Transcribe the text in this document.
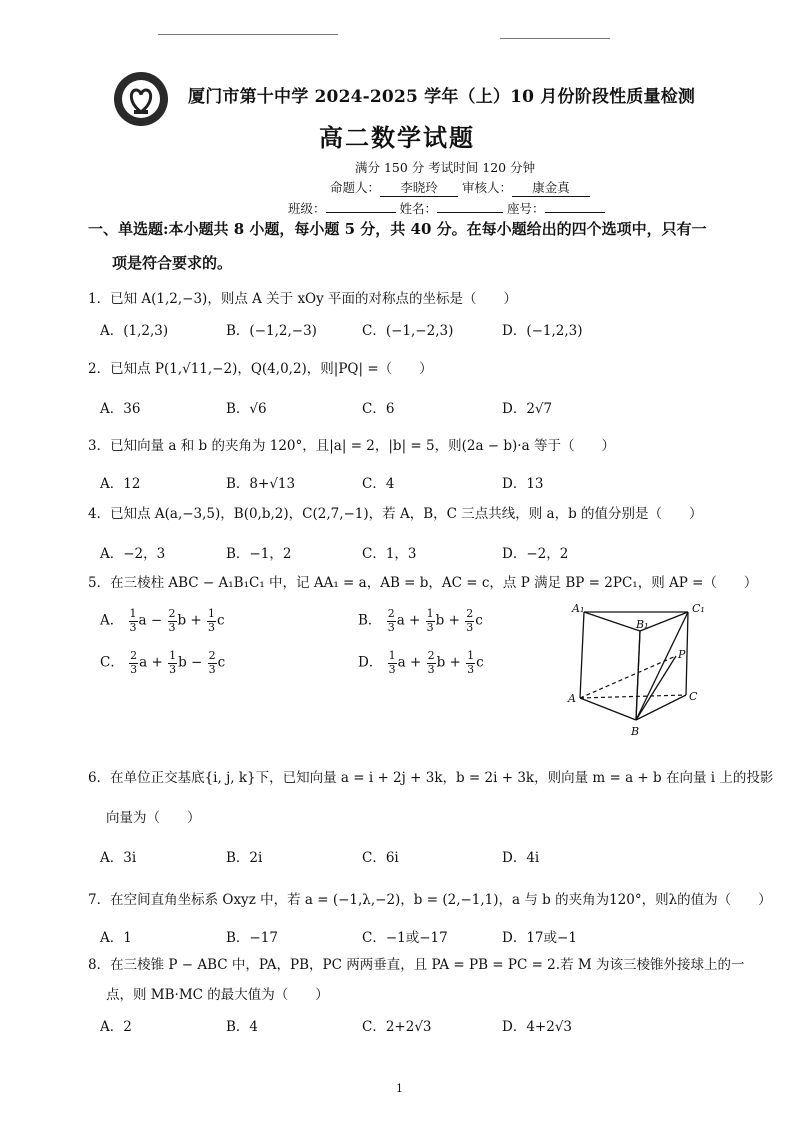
厦门市第十中学 2024-2025 学年（上）10 月份阶段性质量检测
高二数学试题
满分 150 分 考试时间 120 分钟
命题人： 李晓玲 审核人： 康金真
班级：	姓名：	座号：
一、单选题:本小题共 8 小题，每小题 5 分，共 40 分。在每小题给出的四个选项中，只有一
项是符合要求的。
1．已知 A(1,2,−3)，则点 A 关于 xOy 平面的对称点的坐标是（　　）
A．(1,2,3)	B．(−1,2,−3)	C．(−1,−2,3)	D．(−1,2,3)
2．已知点 P(1,√11,−2)，Q(4,0,2)，则|PQ| =（　　）
A．36	B．√6	C．6	D．2√7
3．已知向量 a 和 b 的夹角为 120°，且|a| = 2，|b| = 5，则(2a − b)·a 等于（　　）
A．12	B．8+√13	C．4	D．13
4．已知点 A(a,−3,5)，B(0,b,2)，C(2,7,−1)，若 A，B，C 三点共线，则 a，b 的值分别是（　　）
A．−2，3	B．−1，2	C．1，3	D．−2，2
5．在三棱柱 ABC − A₁B₁C₁ 中，记 AA₁ = a，AB = b，AC = c，点 P 满足 BP = 2PC₁，则 AP =（　　）
A． $\frac{1}{3}$ $a - \frac{2}{3}$ $b + \frac{1}{3}$ c	B． $\frac{2}{3}$ $a + \frac{1}{3}$ $b + \frac{2}{3}$ c
C． $\frac{2}{3}$ $a + \frac{1}{3}$ $b - \frac{2}{3}$ c	D． $\frac{1}{3}$ $a + \frac{2}{3}$ $b + \frac{1}{3}$ c
A₁
B₁
C₁
P
A
B
C
6．在单位正交基底{i, j, k}下，已知向量 a = i + 2j + 3k，b = 2i + 3k，则向量 m = a + b 在向量 i 上的投影
向量为（　　）
A．3i	B．2i	C．6i	D．4i
7．在空间直角坐标系 Oxyz 中，若 a = (−1,λ,−2)，b = (2,−1,1)，a 与 b 的夹角为120°，则λ的值为（　　）
A．1	B．−17	C．−1或−17	D．17或−1
8．在三棱锥 P − ABC 中，PA，PB，PC 两两垂直，且 PA = PB = PC = 2.若 M 为该三棱锥外接球上的一
点，则 MB·MC 的最大值为（　　）
A．2	B．4	C．2+2√3	D．4+2√3
1
